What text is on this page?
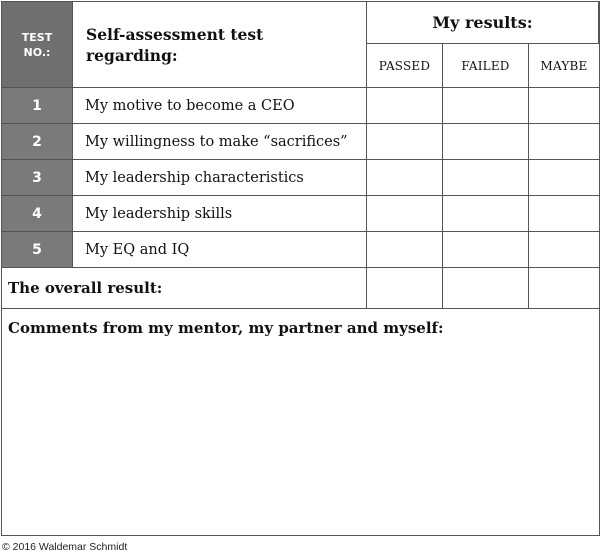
TEST
NO.:
Self-assessment test regarding:
My results:
PASSED	FAILED	MAYBE
1	My motive to become a CEO
2	My willingness to make “sacrifices”
3	My leadership characteristics
4	My leadership skills
5	My EQ and IQ
The overall result:
Comments from my mentor, my partner and myself:
© 2016 Waldemar Schmidt
